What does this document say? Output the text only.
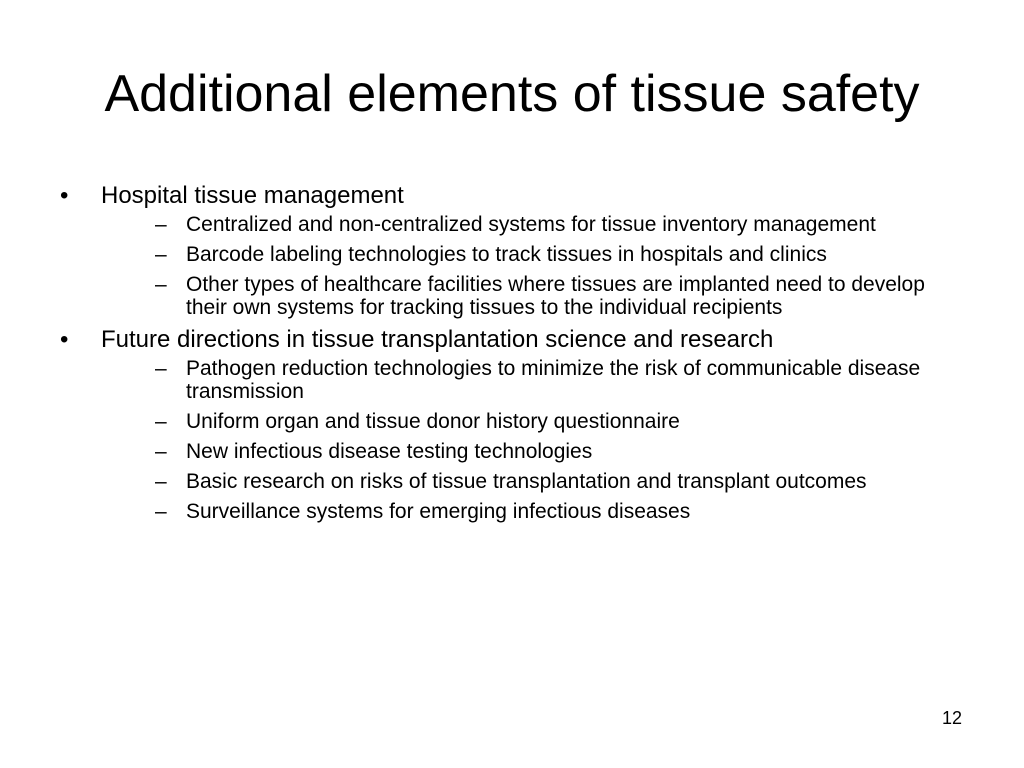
Additional elements of tissue safety
• Hospital tissue management
– Centralized and non-centralized systems for tissue inventory management
– Barcode labeling technologies to track tissues in hospitals and clinics
– Other types of healthcare facilities where tissues are implanted need to develop their own systems for tracking tissues to the individual recipients
• Future directions in tissue transplantation science and research
– Pathogen reduction technologies to minimize the risk of communicable disease transmission
– Uniform organ and tissue donor history questionnaire
– New infectious disease testing technologies
– Basic research on risks of tissue transplantation and transplant outcomes
– Surveillance systems for emerging infectious diseases
12
